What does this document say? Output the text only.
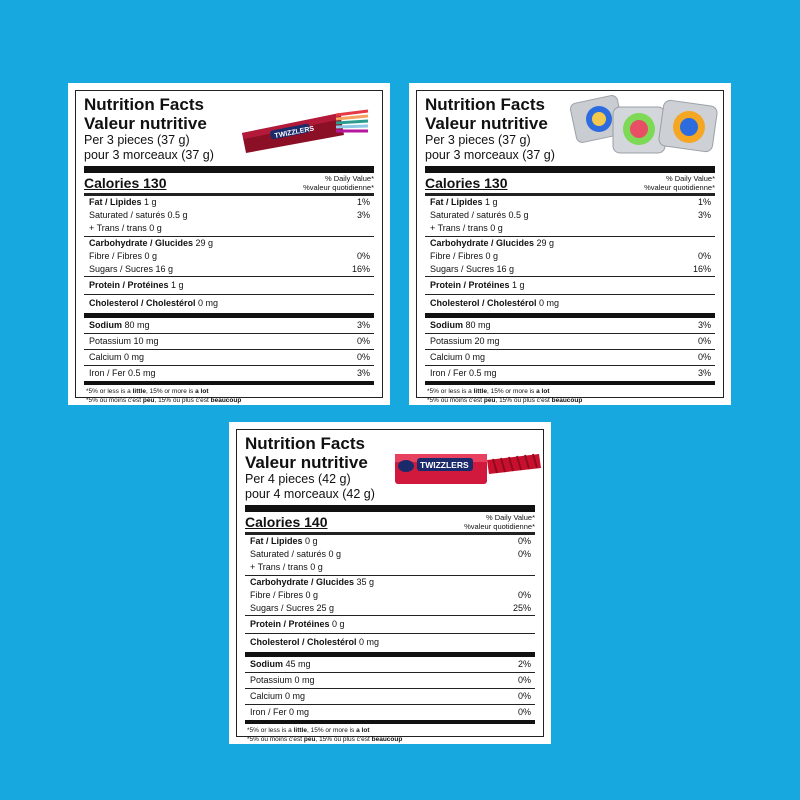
Nutrition Facts
Valeur nutritive
Per 3 pieces (37 g)
pour 3 morceaux (37 g)
Calories 130	% Daily Value*
%valeur quotidienne*
Fat / Lipides 1 g	1%
Saturated / saturés 0.5 g	3%
+ Trans / trans 0 g
Carbohydrate / Glucides 29 g
Fibre / Fibres 0 g	0%
Sugars / Sucres 16 g	16%
Protein / Protéines 1 g
Cholesterol / Cholestérol 0 mg
Sodium 80 mg	3%
Potassium 10 mg	0%
Calcium 0 mg	0%
Iron / Fer 0.5 mg	3%
*5% or less is a little, 15% or more is a lot
*5% ou moins c'est peu, 15% ou plus c'est beaucoup
TWIZZLERS
Nutrition Facts
Valeur nutritive
Per 3 pieces (37 g)
pour 3 morceaux (37 g)
Calories 130	% Daily Value*
%valeur quotidienne*
Fat / Lipides 1 g	1%
Saturated / saturés 0.5 g	3%
+ Trans / trans 0 g
Carbohydrate / Glucides 29 g
Fibre / Fibres 0 g	0%
Sugars / Sucres 16 g	16%
Protein / Protéines 1 g
Cholesterol / Cholestérol 0 mg
Sodium 80 mg	3%
Potassium 20 mg	0%
Calcium 0 mg	0%
Iron / Fer 0.5 mg	3%
*5% or less is a little, 15% or more is a lot
*5% ou moins c'est peu, 15% ou plus c'est beaucoup
Nutrition Facts
Valeur nutritive
Per 4 pieces (42 g)
pour 4 morceaux (42 g)
Calories 140	% Daily Value*
%valeur quotidienne*
Fat / Lipides 0 g	0%
Saturated / saturés 0 g	0%
+ Trans / trans 0 g
Carbohydrate / Glucides 35 g
Fibre / Fibres 0 g	0%
Sugars / Sucres 25 g	25%
Protein / Protéines 0 g
Cholesterol / Cholestérol 0 mg
Sodium 45 mg	2%
Potassium 0 mg	0%
Calcium 0 mg	0%
Iron / Fer 0 mg	0%
*5% or less is a little, 15% or more is a lot
*5% ou moins c'est peu, 15% ou plus c'est beaucoup
TWIZZLERS
